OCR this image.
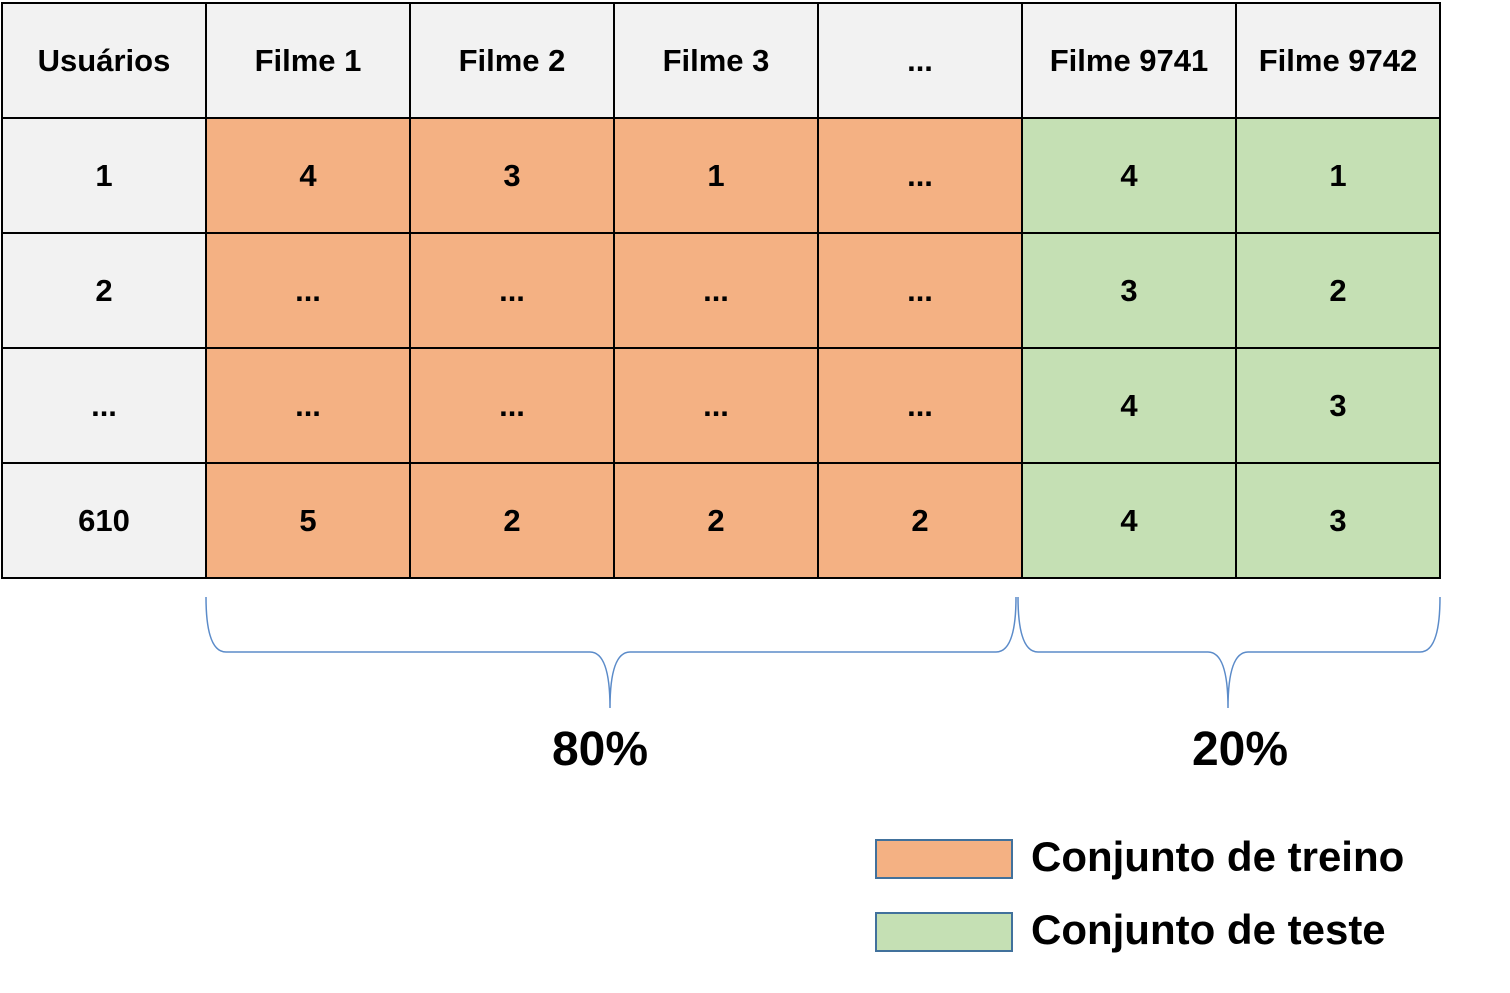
Usuários	Filme 1	Filme 2	Filme 3	...	Filme 9741	Filme 9742
1	4	3	1	...	4	1
2	...	...	...	...	3	2
...	...	...	...	...	4	3
610	5	2	2	2	4	3
80%	20%
Conjunto de treino
Conjunto de teste
